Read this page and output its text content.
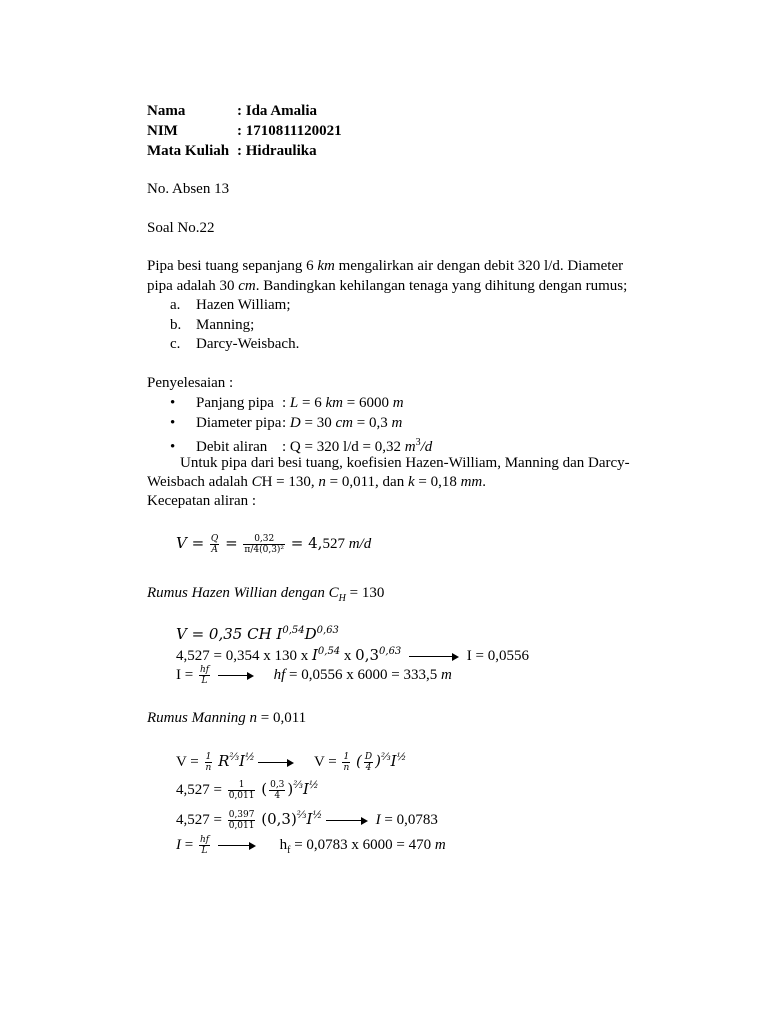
Nama	: Ida Amalia
NIM	: 1710811120021
Mata Kuliah : Hidraulika
No. Absen 13
Soal No.22
Pipa besi tuang sepanjang 6 km mengalirkan air dengan debit 320 l/d. Diameter
pipa adalah 30 cm. Bandingkan kehilangan tenaga yang dihitung dengan rumus;
a. Hazen William;
b. Manning;
c. Darcy-Weisbach.
Penyelesaian :
• Panjang pipa : L = 6 km = 6000 m
• Diameter pipa: D = 30 cm = 0,3 m
• Debit aliran : Q = 320 l/d = 0,32 $m^3/d$
Untuk pipa dari besi tuang, koefisien Hazen-William, Manning dan Darcy-
Weisbach adalah CH = 130, n = 0,011, dan k = 0,18 mm.
Kecepatan aliran :
$V = \frac{Q}{A} = \frac{0,32}{\text{π/4(0,3)²}} = 4,527$ m/d
Rumus Hazen Willian dengan $C_H = 130$
V = 0,35 CH $I^{0,54}D^{0,63}$
4,527 = 0,354 x 130 x I$^{0,54}$ x 0,3$^{0,63}$	I = 0,0556
$I = \frac{hf}{L}$	hf = 0,0556 x 6000 = 333,5 m
Rumus Manning n = 0,011
$V = \frac{1}{n} R^{\frac{2}{3}}I^{\frac{1}{2}}$	$V = \frac{1}{n}$ ( $\frac{D}{4} )^{\frac{2}{3}}I^{\frac{1}{2}}$
$4,527 = \frac{1}{0,011}$ ( $\frac{0,3}{4} )^{\frac{2}{3}}I^{\frac{1}{2}}$
$4,527 = \frac{0,397}{0,011} (0,3)^{\frac{2}{3}}I^{\frac{1}{2}}$	I = 0,0783
$I = \frac{hf}{L}$	$h_f = 0,0783$ x 6000 = 470 m
